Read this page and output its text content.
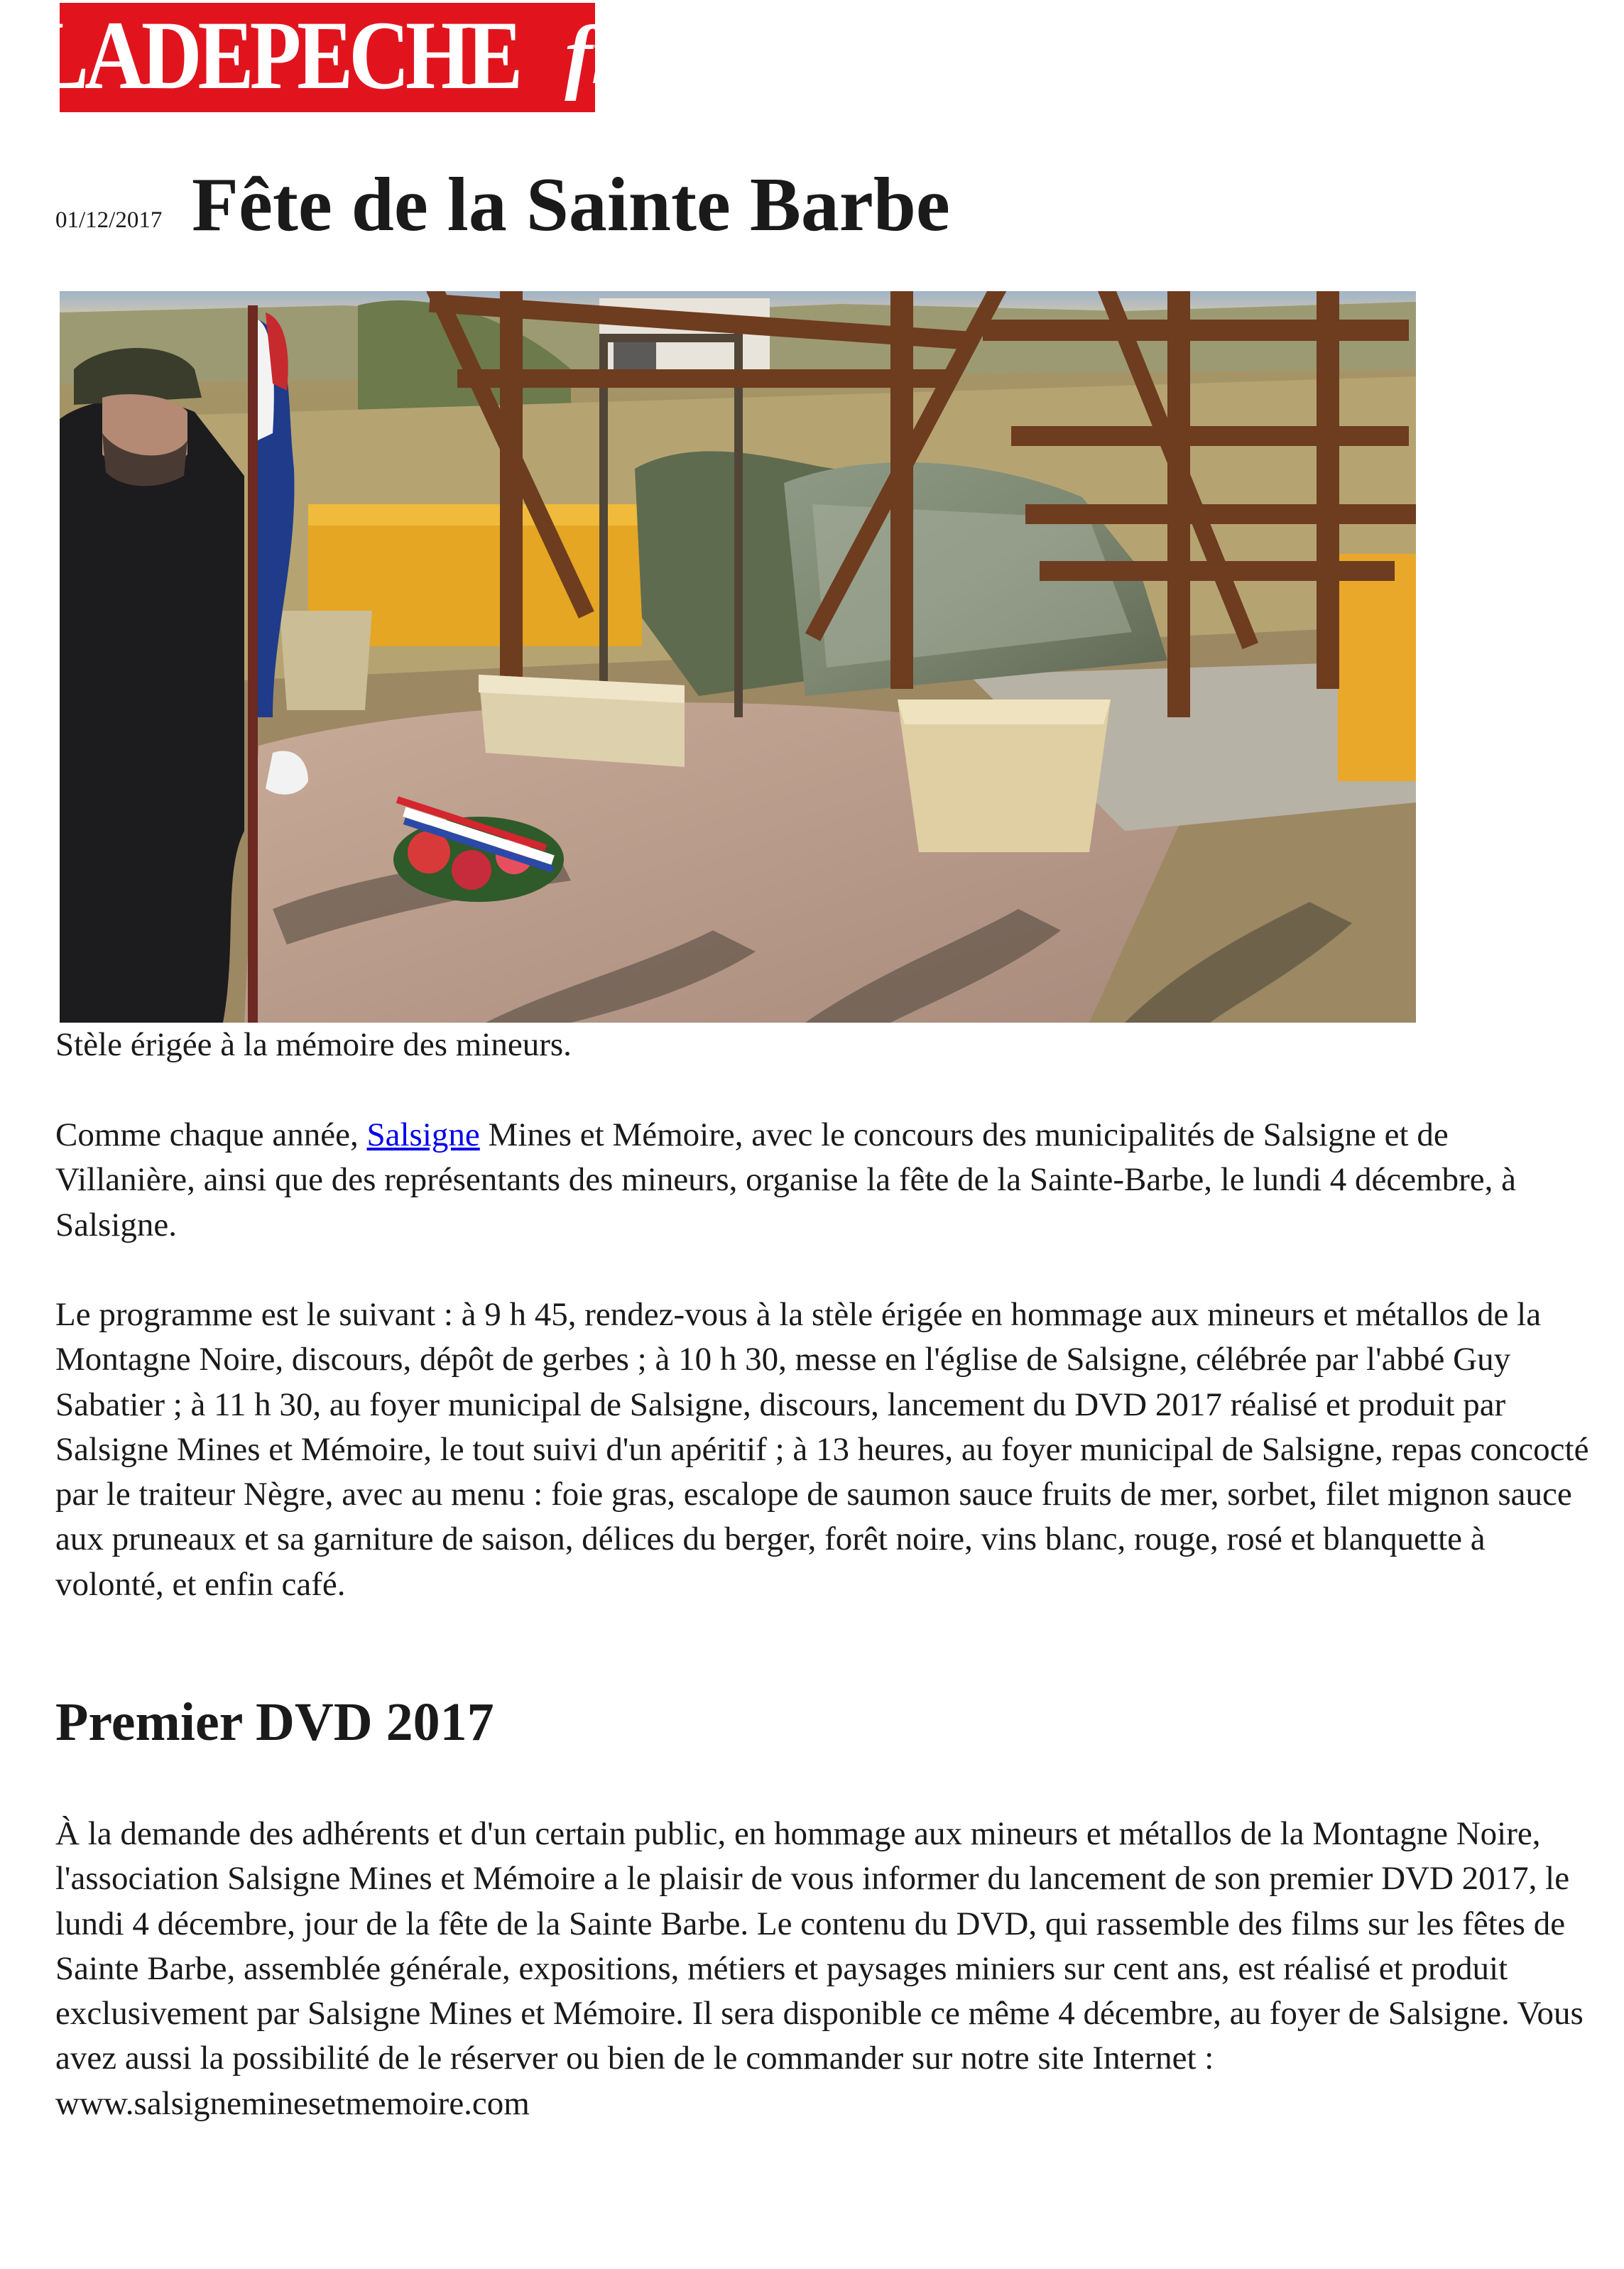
LADEPECHE fr
01/12/2017 Fête de la Sainte Barbe

Stèle érigée à la mémoire des mineurs.

Comme chaque année, Salsigne Mines et Mémoire, avec le concours des municipalités de Salsigne et de Villanière, ainsi que des représentants des mineurs, organise la fête de la Sainte-Barbe, le lundi 4 décembre, à Salsigne.

Le programme est le suivant : à 9 h 45, rendez-vous à la stèle érigée en hommage aux mineurs et métallos de la Montagne Noire, discours, dépôt de gerbes ; à 10 h 30, messe en l'église de Salsigne, célébrée par l'abbé Guy Sabatier ; à 11 h 30, au foyer municipal de Salsigne, discours, lancement du DVD 2017 réalisé et produit par Salsigne Mines et Mémoire, le tout suivi d'un apéritif ; à 13 heures, au foyer municipal de Salsigne, repas concocté par le traiteur Nègre, avec au menu : foie gras, escalope de saumon sauce fruits de mer, sorbet, filet mignon sauce aux pruneaux et sa garniture de saison, délices du berger, forêt noire, vins blanc, rouge, rosé et blanquette à volonté, et enfin café.

Premier DVD 2017

À la demande des adhérents et d'un certain public, en hommage aux mineurs et métallos de la Montagne Noire, l'association Salsigne Mines et Mémoire a le plaisir de vous informer du lancement de son premier DVD 2017, le lundi 4 décembre, jour de la fête de la Sainte Barbe. Le contenu du DVD, qui rassemble des films sur les fêtes de Sainte Barbe, assemblée générale, expositions, métiers et paysages miniers sur cent ans, est réalisé et produit exclusivement par Salsigne Mines et Mémoire. Il sera disponible ce même 4 décembre, au foyer de Salsigne. Vous avez aussi la possibilité de le réserver ou bien de le commander sur notre site Internet : www.salsigneminesetmemoire.com
